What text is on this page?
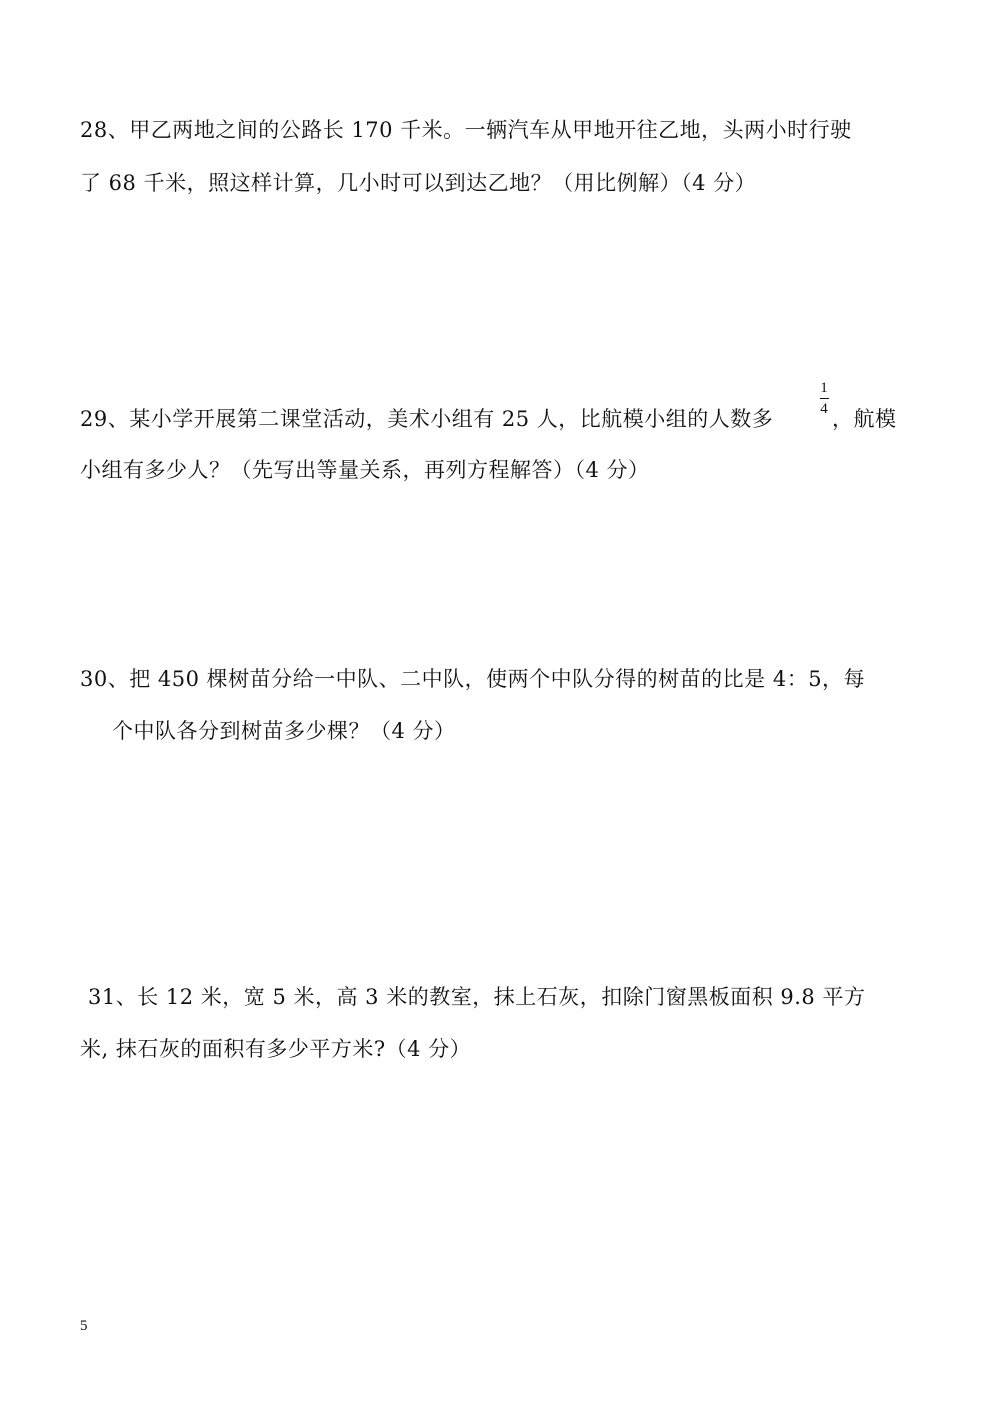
28、甲乙两地之间的公路长 170 千米。一辆汽车从甲地开往乙地，头两小时行驶
了 68 千米，照这样计算，几小时可以到达乙地？（用比例解）（4 分）
29、某小学开展第二课堂活动，美术小组有 25 人，比航模小组的人数多
1
4 ，航模
小组有多少人？（先写出等量关系，再列方程解答）（4 分）
30、把 450 棵树苗分给一中队、二中队，使两个中队分得的树苗的比是 4：5，每
个中队各分到树苗多少棵？（4 分）
31、长 12 米，宽 5 米，高 3 米的教室，抹上石灰，扣除门窗黑板面积 9.8 平方
米, 抹石灰的面积有多少平方米?（4 分）
5
